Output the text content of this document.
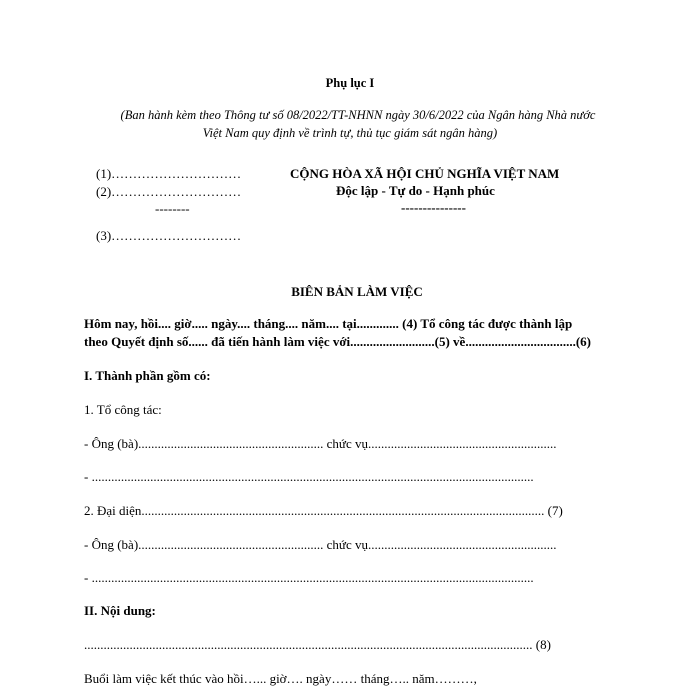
Phụ lục I
(Ban hành kèm theo Thông tư số 08/2022/TT-NHNN ngày 30/6/2022 của Ngân hàng Nhà nước
Việt Nam quy định về trình tự, thủ tục giám sát ngân hàng)
(1)…………………………
(2)…………………………
--------
(3)…………………………
CỘNG HÒA XÃ HỘI CHỦ NGHĨA VIỆT NAM
Độc lập - Tự do - Hạnh phúc
---------------
BIÊN BẢN LÀM VIỆC
Hôm nay, hồi.... giờ..... ngày.... tháng.... năm.... tại............. (4) Tổ công tác được thành lập
theo Quyết định số...... đã tiến hành làm việc với..........................(5) về..................................(6)
I. Thành phần gồm có:
1. Tổ công tác:
- Ông (bà)......................................................... chức vụ..........................................................
- ........................................................................................................................................
2. Đại diện............................................................................................................................ (7)
- Ông (bà)......................................................... chức vụ..........................................................
- ........................................................................................................................................
II. Nội dung:
.......................................................................................................................................... (8)
Buổi làm việc kết thúc vào hồi…... giờ…. ngày…… tháng….. năm………,
